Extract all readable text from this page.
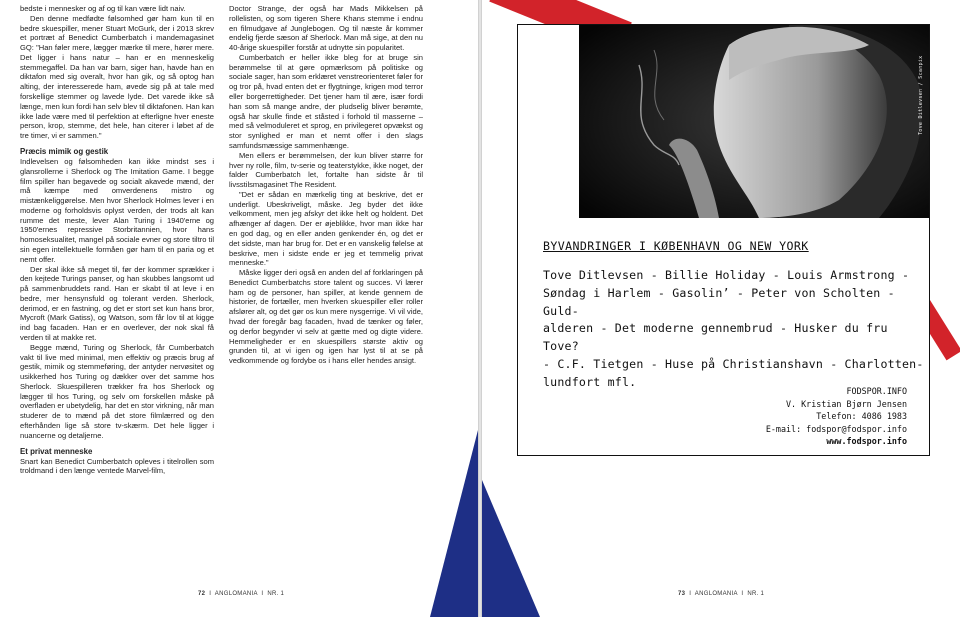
bedste i mennesker og af og til kan være lidt naiv.

Den denne medfødte følsomhed gør ham kun til en bedre skuespiller, mener Stuart McGurk, der i 2013 skrev et portræt af Benedict Cumberbatch i mandemagasinet GQ: "Han føler mere, lægger mærke til mere, hører mere. Det ligger i hans natur – han er en menneskelig stemmegaffel. Da han var barn, siger han, havde han en diktafon med sig overalt, hvor han gik, og så optog han alting, der interesserede ham, øvede sig på at tale med forskellige stemmer og lavede lyde. Det varede ikke så længe, men kun fordi han selv blev til diktafonen. Han kan ikke lade være med til perfektion at efterligne hver eneste person, krop, stemme, det hele, han citerer i løbet af de tre timer, vi er sammen."

Præcis mimik og gestik

Indlevelsen og følsomheden kan ikke mindst ses i glansrollerne i Sherlock og The Imitation Game. I begge film spiller han begavede og socialt akavede mænd, der må kæmpe med omverdenens mistro og mistænkeliggørelse. Men hvor Sherlock Holmes lever i en moderne og forholdsvis oplyst verden, der trods alt kan rumme det meste, lever Alan Turing i 1940'erne og 1950'ernes repressive Storbritannien, hvor hans homoseksualitet, mangel på sociale evner og store tiltro til sin egen intellektuelle formåen gør ham til en paria og et nemt offer.

Der skal ikke så meget til, før der kommer sprækker i den kejtede Turings panser, og han skubbes langsomt ud på sammenbruddets rand. Han er skabt til at leve i en bedre, mer hensynsfuld og tolerant verden. Sherlock, derimod, er en fastning, og det er stort set kun hans bror, Mycroft (Mark Gatiss), og Watson, som får lov til at kigge ind bag facaden. Han er en overlever, der nok skal få verden til at makke ret.

Begge mænd, Turing og Sherlock, får Cumberbatch vakt til live med minimal, men effektiv og præcis brug af gestik, mimik og stemmeføring, der antyder nervøsitet og usikkerhed hos Turing og dækker over det samme hos Sherlock. Skuespilleren trækker fra hos Sherlock og lægger til hos Turing, og selv om forskellen måske på overfladen er ubetydelig, har det en stor virkning, når man studerer de to mænd på det store filmlærred og den efterhånden lige så store tv-skærm. Det hele ligger i nuancerne og detaljerne.

Et privat menneske

Snart kan Benedict Cumberbatch opleves i titelrollen som troldmand i den længe ventede Marvel-film,

Doctor Strange, der også har Mads Mikkelsen på rollelisten, og som tigeren Shere Khans stemme i endnu en filmudgave af Junglebogen. Og til næste år kommer endelig fjerde sæson af Sherlock. Man må sige, at den nu 40-årige skuespiller forstår at udnytte sin popularitet.

Cumberbatch er heller ikke bleg for at bruge sin berømmelse til at gøre opmærksom på politiske og sociale sager, han som erklæret venstreorienteret føler for og tror på, hvad enten det er flygtninge, krigen mod terror eller borgerrettigheder. Det tjener ham til ære, især fordi han som så mange andre, der pludselig bliver berømte, også har skulle finde et ståsted i forhold til masserne – med så velmoduleret et sprog, en privilegeret opvækst og stor synlighed er man et nemt offer i den slags samfundsmæssige sammenhænge.

Men ellers er berømmelsen, der kun bliver større for hver ny rolle, film, tv-serie og teaterstykke, ikke noget, der falder Cumberbatch let, fortalte han sidste år til livsstilsmagasinet The Resident.

"Det er sådan en mærkelig ting at beskrive, det er underligt. Ubeskriveligt, måske. Jeg byder det ikke velkomment, men jeg afskyr det ikke helt og holdent. Det afhænger af dagen. Der er øjeblikke, hvor man ikke har en god dag, og en eller anden genkender én, og det er det sidste, man har brug for. Det er en vanskelig følelse at beskrive, men i sidste ende er jeg et temmelig privat menneske."

Måske ligger deri også en anden del af forklaringen på Benedict Cumberbatchs store talent og succes. Vi lærer ham og de personer, han spiller, at kende gennem de historier, de fortæller, men hverken skuespiller eller roller afslører alt, og det gør os kun mere nysgerrige. Vi vil vide, hvad der foregår bag facaden, hvad de tænker og føler, og derfor begynder vi selv at gætte med og digte videre. Hemmeligheder er en skuespillers største aktiv og grunden til, at vi igen og igen har lyst til at se på vedkommende og fordybe os i hans eller hendes ansigt.

72 I ANGLOMANIA I NR. 1
Tove Ditlevsen / Scanpix
BYVANDRINGER I KØBENHAVN OG NEW YORK
Tove Ditlevsen - Billie Holiday - Louis Armstrong -
Søndag i Harlem - Gasolin’ - Peter von Scholten - Guld-
alderen - Det moderne gennembrud - Husker du fru Tove?
- C.F. Tietgen - Huse på Christianshavn - Charlotten-
lundfort mfl.
FODSPOR.INFO
V. Kristian Bjørn Jensen
Telefon: 4086 1983
E-mail: fodspor@fodspor.info
www.fodspor.info
73 I ANGLOMANIA I NR. 1
